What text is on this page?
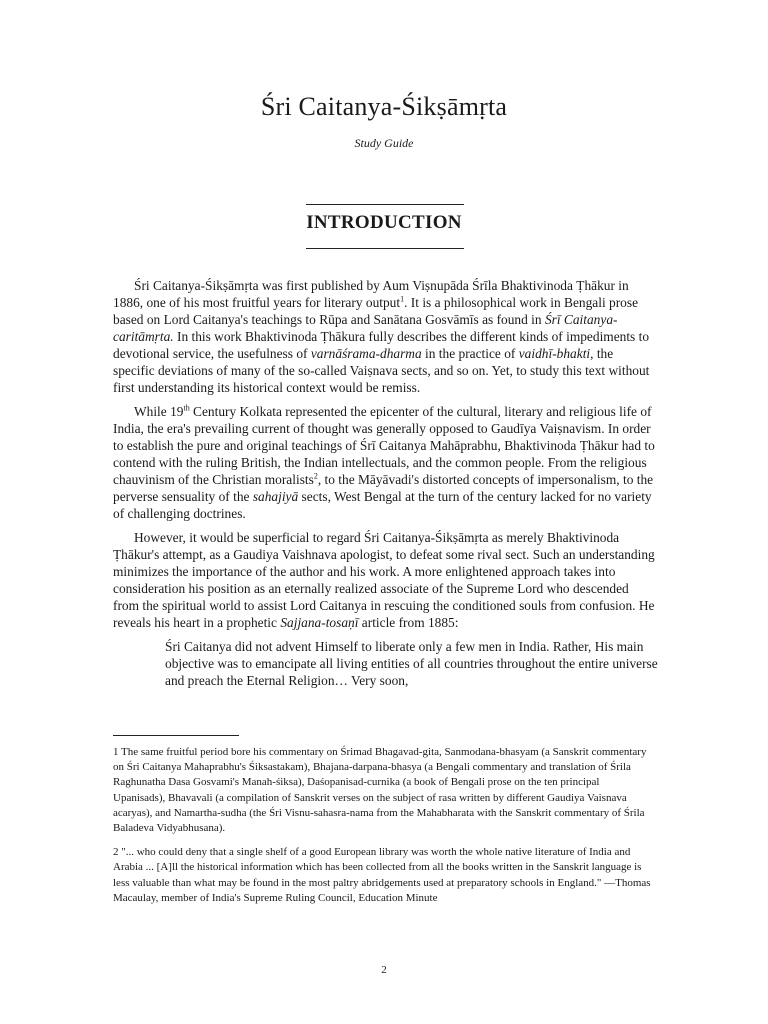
Śri Caitanya-Śikṣāmṛta
Study Guide
INTRODUCTION

Śri Caitanya-Śikṣāmṛta was first published by Aum Viṣnupāda Śrīla Bhaktivinoda Ṭhākur in 1886, one of his most fruitful years for literary output$^1$. It is a philosophical work in Bengali prose based on Lord Caitanya's teachings to Rūpa and Sanātana Gosvāmīs as found in Śrī Caitanya-caritāmṛta. In this work Bhaktivinoda Ṭhākura fully describes the different kinds of impediments to devotional service, the usefulness of varnāśrama-dharma in the practice of vaidhī-bhakti, the specific deviations of many of the so-called Vaiṣnava sects, and so on. Yet, to study this text without first understanding its historical context would be remiss.

While 19th Century Kolkata represented the epicenter of the cultural, literary and religious life of India, the era's prevailing current of thought was generally opposed to Gaudīya Vaiṣnavism. In order to establish the pure and original teachings of Śrī Caitanya Mahāprabhu, Bhaktivinoda Ṭhākur had to contend with the ruling British, the Indian intellectuals, and the common people. From the religious chauvinism of the Christian moralists$^2$, to the Māyāvadi's distorted concepts of impersonalism, to the perverse sensuality of the sahajiyā sects, West Bengal at the turn of the century lacked for no variety of challenging doctrines.

However, it would be superficial to regard Śri Caitanya-Śikṣāmṛta as merely Bhaktivinoda Ṭhākur's attempt, as a Gaudiya Vaishnava apologist, to defeat some rival sect. Such an understanding minimizes the importance of the author and his work. A more enlightened approach takes into consideration his position as an eternally realized associate of the Supreme Lord who descended from the spiritual world to assist Lord Caitanya in rescuing the conditioned souls from confusion. He reveals his heart in a prophetic Sajjana-tosaṇī article from 1885:

Śri Caitanya did not advent Himself to liberate only a few men in India. Rather, His main objective was to emancipate all living entities of all countries throughout the entire universe and preach the Eternal Religion… Very soon,

1 The same fruitful period bore his commentary on Śrimad Bhagavad-gita, Sanmodana-bhasyam (a Sanskrit commentary on Śri Caitanya Mahaprabhu's Śiksastakam), Bhajana-darpana-bhasya (a Bengali commentary and translation of Śrila Raghunatha Dasa Gosvami's Manah-śiksa), Daśopanisad-curnika (a book of Bengali prose on the ten principal Upanisads), Bhavavali (a compilation of Sanskrit verses on the subject of rasa written by different Gaudiya Vaisnava acaryas), and Namartha-sudha (the Śri Visnu-sahasra-nama from the Mahabharata with the Sanskrit commentary of Śrila Baladeva Vidyabhusana).

2 "... who could deny that a single shelf of a good European library was worth the whole native literature of India and Arabia ... [A]ll the historical information which has been collected from all the books written in the Sanskrit language is less valuable than what may be found in the most paltry abridgements used at preparatory schools in England." —Thomas Macaulay, member of India's Supreme Ruling Council, Education Minute

2
